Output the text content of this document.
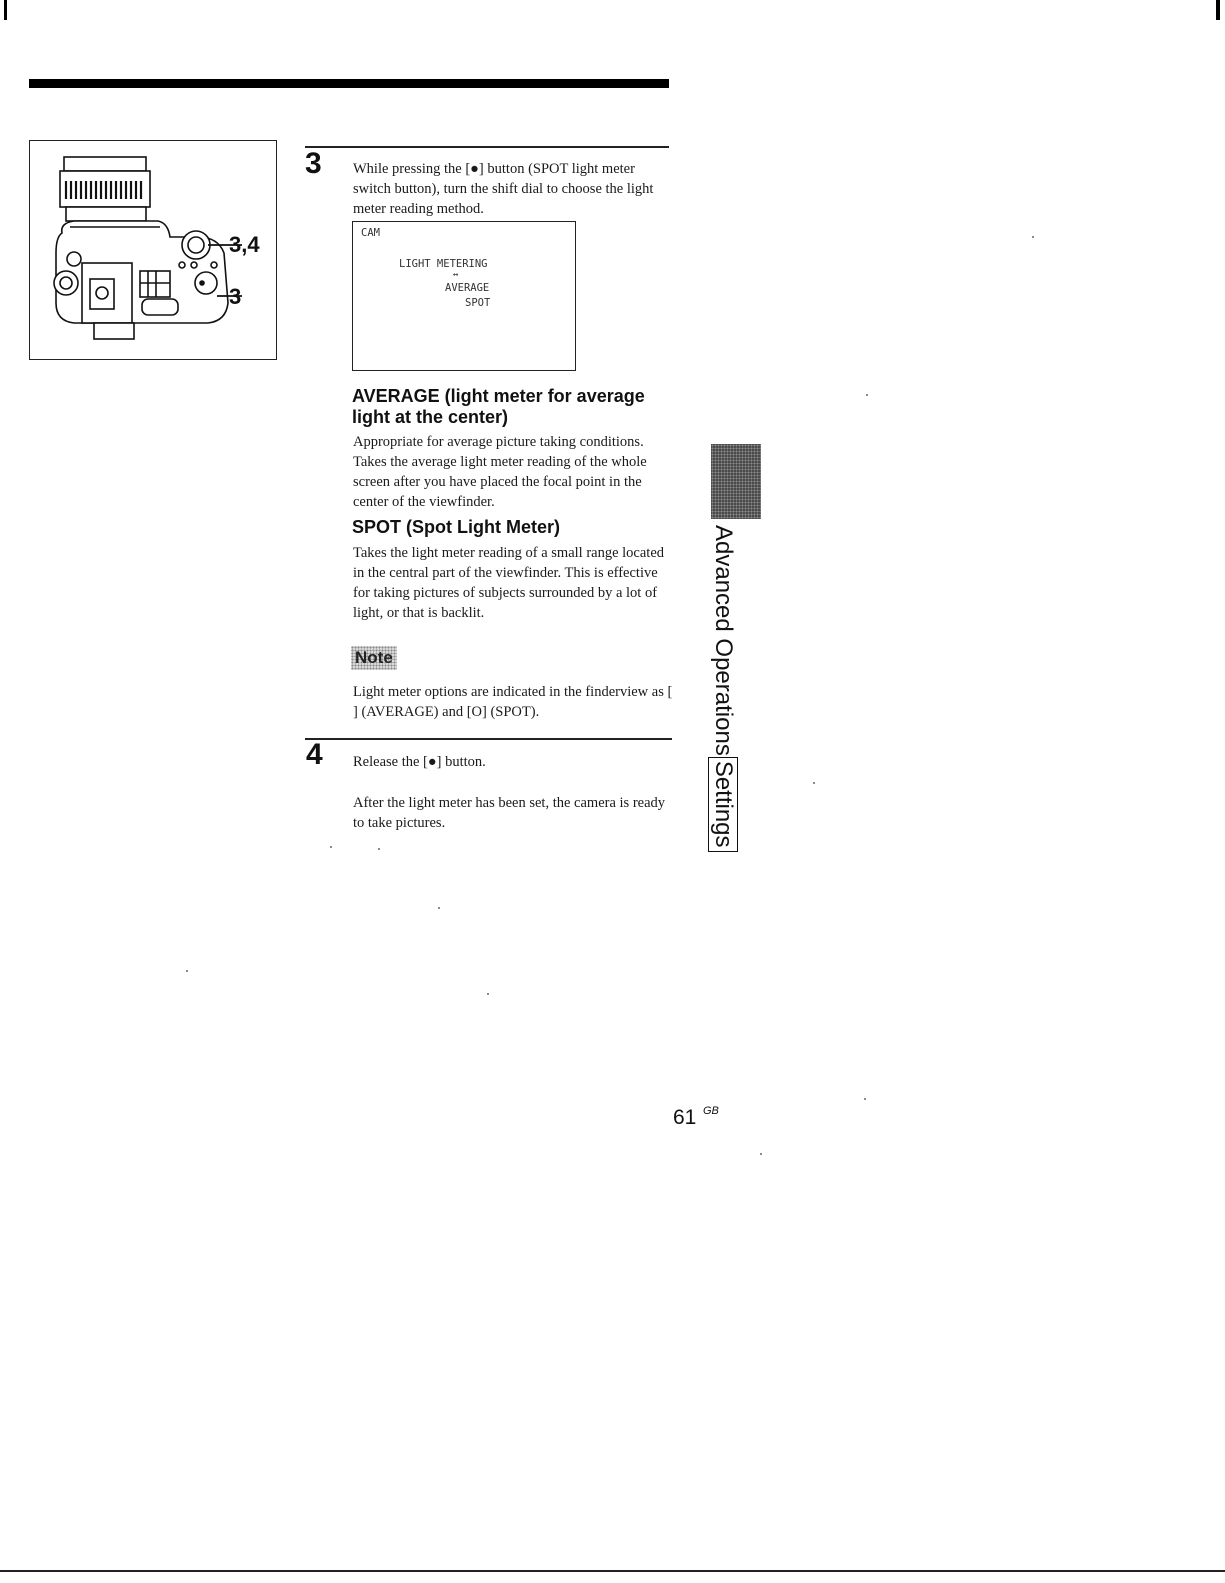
3,4
3
3 While pressing the [●] button (SPOT light meter switch button), turn the shift dial to choose the light meter reading method.
CAM
LIGHT METERING
↔
AVERAGE
SPOT
AVERAGE (light meter for average light at the center)
Appropriate for average picture taking conditions. Takes the average light meter reading of the whole screen after you have placed the focal point in the center of the viewfinder.
SPOT (Spot Light Meter)
Takes the light meter reading of a small range located in the central part of the viewfinder. This is effective for taking pictures of subjects surrounded by a lot of light, or that is backlit.
Note
Light meter options are indicated in the finderview as [ ] (AVERAGE) and [O] (SPOT).
4 Release the [●] button.
After the light meter has been set, the camera is ready to take pictures.
Advanced OperationsSettings
61 GB
